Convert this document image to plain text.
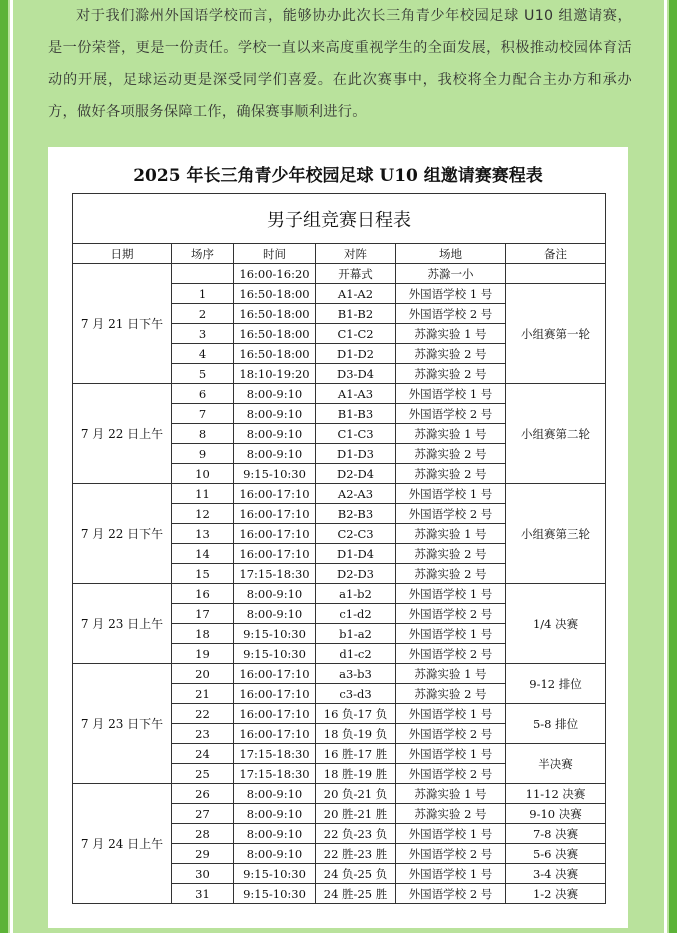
对于我们滁州外国语学校而言，能够协办此次长三角青少年校园足球 U10 组邀请赛，是一份荣誉，更是一份责任。学校一直以来高度重视学生的全面发展，积极推动校园体育活动的开展，足球运动更是深受同学们喜爱。在此次赛事中，我校将全力配合主办方和承办方，做好各项服务保障工作，确保赛事顺利进行。

2025 年长三角青少年校园足球 U10 组邀请赛赛程表
男子组竞赛日程表					
日期	场序	时间	对阵	场地	备注
7 月 21 日下午		16:00-16:20	开幕式	苏滁一小	
	1	16:50-18:00	A1-A2	外国语学校 1 号	小组赛第一轮
	2	16:50-18:00	B1-B2	外国语学校 2 号	
	3	16:50-18:00	C1-C2	苏滁实验 1 号	
	4	16:50-18:00	D1-D2	苏滁实验 2 号	
	5	18:10-19:20	D3-D4	苏滁实验 2 号	
7 月 22 日上午	6	8:00-9:10	A1-A3	外国语学校 1 号	小组赛第二轮
	7	8:00-9:10	B1-B3	外国语学校 2 号	
	8	8:00-9:10	C1-C3	苏滁实验 1 号	
	9	8:00-9:10	D1-D3	苏滁实验 2 号	
	10	9:15-10:30	D2-D4	苏滁实验 2 号	
7 月 22 日下午	11	16:00-17:10	A2-A3	外国语学校 1 号	小组赛第三轮
	12	16:00-17:10	B2-B3	外国语学校 2 号	
	13	16:00-17:10	C2-C3	苏滁实验 1 号	
	14	16:00-17:10	D1-D4	苏滁实验 2 号	
	15	17:15-18:30	D2-D3	苏滁实验 2 号	
7 月 23 日上午	16	8:00-9:10	a1-b2	外国语学校 1 号	1/4 决赛
	17	8:00-9:10	c1-d2	外国语学校 2 号	
	18	9:15-10:30	b1-a2	外国语学校 1 号	
	19	9:15-10:30	d1-c2	外国语学校 2 号	
7 月 23 日下午	20	16:00-17:10	a3-b3	苏滁实验 1 号	9-12 排位
	21	16:00-17:10	c3-d3	苏滁实验 2 号	
	22	16:00-17:10	16 负-17 负	外国语学校 1 号	5-8 排位
	23	16:00-17:10	18 负-19 负	外国语学校 2 号	
	24	17:15-18:30	16 胜-17 胜	外国语学校 1 号	半决赛
	25	17:15-18:30	18 胜-19 胜	外国语学校 2 号	
7 月 24 日上午	26	8:00-9:10	20 负-21 负	苏滁实验 1 号	11-12 决赛
	27	8:00-9:10	20 胜-21 胜	苏滁实验 2 号	9-10 决赛
	28	8:00-9:10	22 负-23 负	外国语学校 1 号	7-8 决赛
	29	8:00-9:10	22 胜-23 胜	外国语学校 2 号	5-6 决赛
	30	9:15-10:30	24 负-25 负	外国语学校 1 号	3-4 决赛
	31	9:15-10:30	24 胜-25 胜	外国语学校 2 号	1-2 决赛
